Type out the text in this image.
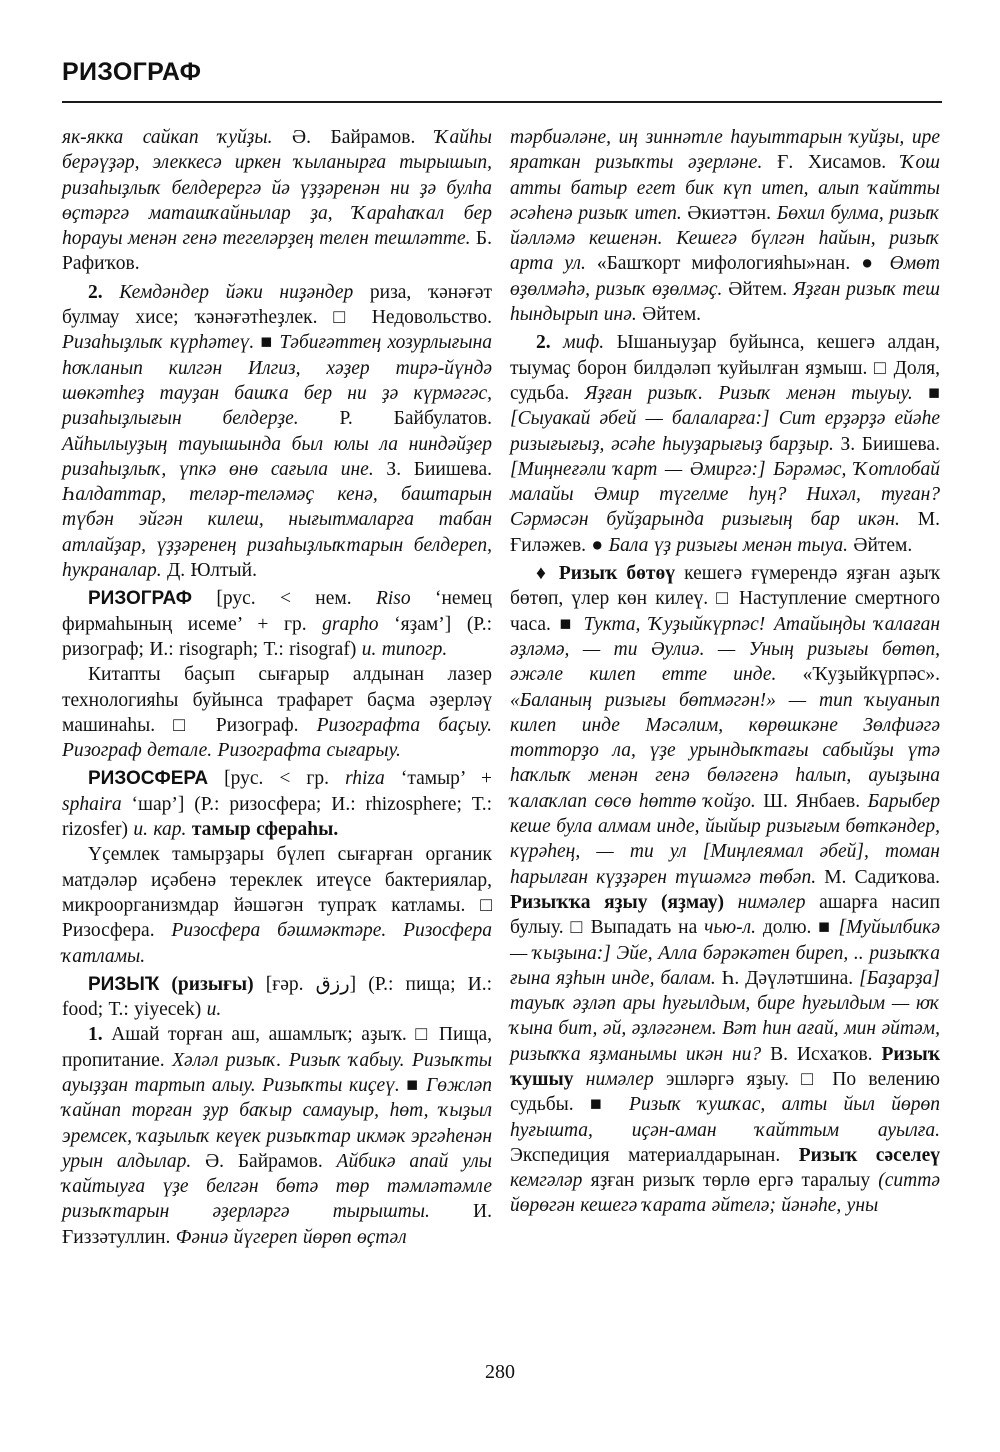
РИЗОГРАФ

як-якка сайкап ҡуйҙы. Ә. Байрамов. Ҡайһы берәүҙәр, элеккесә иркен ҡыланырға тырышып, ризаһыҙлыҡ белдерергә йә үҙҙәренән ни ҙә булһа өҫтәргә маташҡайнылар ҙа, Ҡараһаҡал бер һорауы менән генә тегеләрҙең телен тешләтте. Б. Рафиҡов.

2. Кемдәндер йәки ниҙәндер риза, ҡәнәғәт булмау хисе; ҡәнәғәтһеҙлек. □ Недовольство. Ризаһыҙлыҡ күрһәтеү. ■ Тәбиғәттең хозурлығына һоҡланып килгән Илгиз, хәҙер тирә-йүндә шөкәтһеҙ тауҙан башҡа бер ни ҙә күрмәгәс, ризаһыҙлығын белдерҙе. Р. Байбулатов. Айһылыуҙың тауышында был юлы ла ниндәйҙер ризаһыҙлыҡ, үпкә өнө сағыла ине. З. Биишева. Һалдаттар, теләр-теләмәҫ кенә, баштарын түбән эйгән килеш, нығытмаларға табан атлайҙар, үҙҙәренең ризаһыҙлыҡтарын белдереп, һукраналар. Д. Юлтый.

РИЗОГРАФ [рус. < нем. Riso ‘немец фирмаһының исеме’ + гр. grapho ‘яҙам’] (Р.: ризограф; И.: risograph; Т.: risograf) и. типогр.

Китапты баҫып сығарыр алдынан лазер технологияһы буйынса трафарет баҫма әҙерләү машинаһы. □ Ризограф. Ризографта баҫыу. Ризограф детале. Ризографта сығарыу.

РИЗОСФЕРА [рус. < гр. rhiza ‘тамыр’ + sphaira ‘шар’] (Р.: ризосфера; И.: rhizosphere; Т.: rizosfer) и. кар. тамыр сфераһы.

Үҫемлек тамырҙары бүлеп сығарған органик матдәләр иҫәбенә тереклек итеүсе бактериялар, микроорганизмдар йәшәгән тупраҡ катламы. □ Ризосфера. Ризосфера бәшмәктәре. Ризосфера ҡатламы.

РИЗЫҠ (ризығы) [ғәр. رزق] (Р.: пища; И.: food; Т.: yiyecek) и.

1. Ашай торған аш, ашамлыҡ; аҙыҡ. □ Пища, пропитание. Хәләл ризыҡ. Ризыҡ ҡабыу. Ризыҡты ауыҙҙан тартып алыу. Ризыҡты киҫеү. ■ Гөжләп ҡайнап торған ҙур баҡыр самауыр, һөт, ҡыҙыл эремсек, ҡаҙылыҡ кеүек ризыҡтар икмәк эргәһенән урын алдылар. Ә. Байрамов. Айбикә апай улы ҡайтыуға үҙе белгән бөтә төр тәмләтәмле ризыҡтарын әҙерләргә тырышты. И. Ғиззәтуллин. Фәниә йүгереп йөрөп өҫтәл

тәрбиәләне, иң зиннәтле һауыттарын ҡуйҙы, ире яраткан ризыҡты әҙерләне. Ғ. Хисамов. Ҡош атты батыр егет бик күп итеп, алып ҡайтты әсәһенә ризыҡ итеп. Әкиәттән. Бөхил булма, ризыҡ йәлләмә кешенән. Кешегә бүлгән һайын, ризыҡ арта ул. «Башҡорт мифологияһы»нан. ● Өмөт өҙөлмәһә, ризыҡ өҙөлмәҫ. Әйтем. Яҙған ризыҡ теш һындырып инә. Әйтем.

2. миф. Ышаныуҙар буйынса, кешегә алдан, тыумаҫ борон билдәләп ҡуйылған яҙмыш. □ Доля, судьба. Яҙған ризыҡ. Ризыҡ менән тыуыу. ■ [Сыуакай әбей — балаларға:] Сит ерҙәрҙә ейәһе ризығығыҙ, әсәһе һыуҙарығыҙ барҙыр. З. Биишева. [Миңнеғәли ҡарт — Әмиргә:] Бәрәмәс, Ҡотлобай малайы Әмир түгелме һуң? Нихәл, туған? Сәрмәсән буйҙарында ризығың бар икән. М. Ғиләжев. ● Бала үҙ ризығы менән тыуа. Әйтем.

♦ Ризыҡ бөтөү кешегә ғүмерендә яҙған аҙыҡ бөтөп, үлер көн килеү. □ Наступление смертного часа. ■ Тукта, Ҡуҙыйкүрпәс! Атайыңды ҡалаған әҙләмә, — ти Әулиә. — Уның ризығы бөтөп, әжәле килеп етте инде. «Ҡуҙыйкүрпәс». «Баланың ризығы бөтмәгән!» — тип ҡыуанып килеп инде Мәсәлим, көрөшкәне Зөлфиәгә тотторҙо ла, үҙе урындыҡтағы сабыйҙы үтә һаҡлыҡ менән генә бөләгенә һалып, ауыҙына ҡалаҡлап сөсө һөттө ҡойҙо. Ш. Янбаев. Барыбер кеше була алмам инде, йыйыр ризығым бөткәндер, күрәһең, — ти ул [Миңлеямал әбей], томан һарылған күҙҙәрен түшәмгә төбәп. М. Садиҡова. Ризыҡҡа яҙыу (яҙмау) нимәлер ашарға насип булыу. □ Выпадать на чью-л. долю. ■ [Муйылбикә — ҡыҙына:] Эйе, Алла бәрәкәтен биреп, .. ризыҡҡа ғына яҙһын инде, балам. Һ. Дәүләтшина. [Баҙарҙа] тауыҡ әҙләп ары һуғылдым, бире һуғылдым — юҡ ҡына бит, әй, әҙләгәнем. Вәт һин ағай, мин әйтәм, ризыҡҡа яҙманымы икән ни? В. Исхаҡов. Ризыҡ ҡушыу нимәлер эшләргә яҙыу. □ По велению судьбы. ■ Ризыҡ ҡушҡас, алты йыл йөрөп һуғышта, иҫән-аман ҡайттым ауылға. Экспедиция материалдарынан. Ризыҡ сәселеү кемгәләр яҙған ризыҡ төрлө ергә таралыу (ситтә йөрөгән кешегә ҡарата әйтелә; йәнәһе, уны

280
